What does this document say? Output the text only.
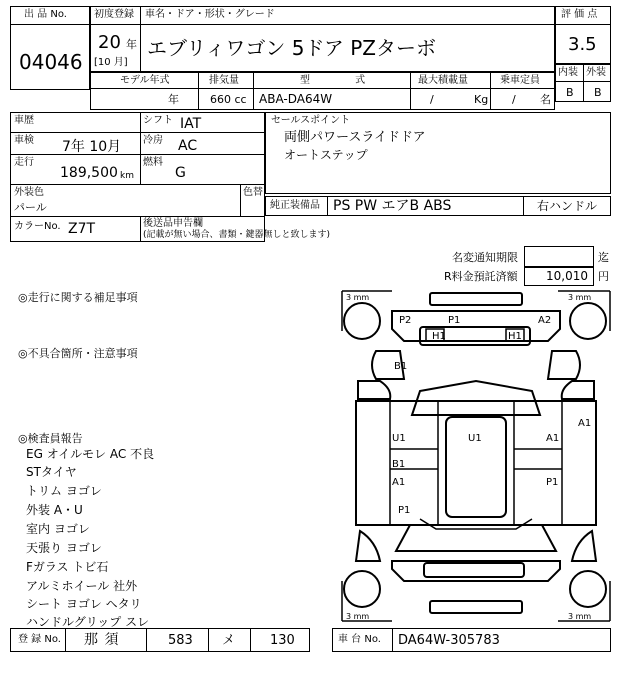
出 品 No.
04046
初度登録 車名・ドア・形状・グレード
20 年
[10 月]
エブリィワゴン 5ドア PZターボ
評 価 点
3.5
内装 外装
B B
モデル年式	排気量	型 式	最大積載量	乗車定員
年	660 cc ABA-DA64W	/	Kg / 名
車歴	シフト IAT
車検 7年 10月 冷房 AC
走行
189,500 km
燃料
G
外装色
パール
色替
カラーNo. Z7T	後送品申告欄
(記載が無い場合、書類・鍵器無しと致します)
セールスポイント
両側パワースライドドア
オートステップ
純正装備品 PS PW エアB ABS	右ハンドル
名変通知期限	迄
R料金預託済額 10,010 円
◎走行に関する補足事項
◎不具合箇所・注意事項
◎検査員報告
EG オイルモレ AC 不良
STタイヤ
トリム ヨゴレ
外装 A・U
室内 ヨゴレ
天張り ヨゴレ
Fガラス トビ石
アルミホイール 社外
シート ヨゴレ ヘタリ
ハンドルグリップ スレ
P2	P1	A2
H1	H1
B1
U1	U1	A1
A1
B1
A1	P1
P1
3 mm	3 mm
3 mm	3 mm
登 録 No. 那 須	583 メ	130	車 台 No. DA64W-305783
